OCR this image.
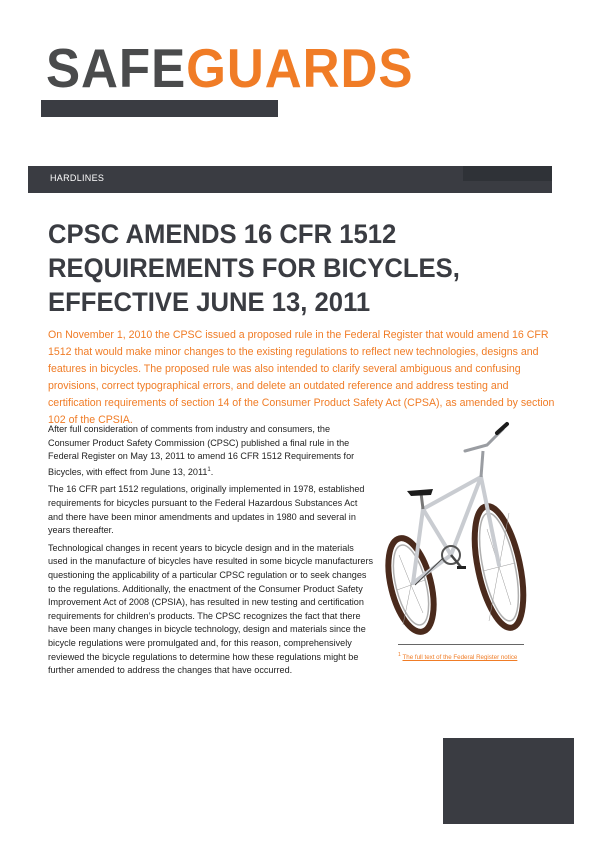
SAFEGUARDS
HARDLINES
CPSC AMENDS 16 CFR 1512 REQUIREMENTS FOR BICYCLES, EFFECTIVE JUNE 13, 2011

On November 1, 2010 the CPSC issued a proposed rule in the Federal Register that would amend 16 CFR 1512 that would make minor changes to the existing regulations to reflect new technologies, designs and features in bicycles. The proposed rule was also intended to clarify several ambiguous and confusing provisions, correct typographical errors, and delete an outdated reference and address testing and certification requirements of section 14 of the Consumer Product Safety Act (CPSA), as amended by section 102 of the CPSIA.

After full consideration of comments from industry and consumers, the Consumer Product Safety Commission (CPSC) published a final rule in the Federal Register on May 13, 2011 to amend 16 CFR 1512 Requirements for Bicycles, with effect from June 13, 2011$^1$.

The 16 CFR part 1512 regulations, originally implemented in 1978, established requirements for bicycles pursuant to the Federal Hazardous Substances Act and there have been minor amendments and updates in 1980 and several in years thereafter.

Technological changes in recent years to bicycle design and in the materials used in the manufacture of bicycles have resulted in some bicycle manufacturers questioning the applicability of a particular CPSC regulation or to seek changes to the regulations. Additionally, the enactment of the Consumer Product Safety Improvement Act of 2008 (CPSIA), has resulted in new testing and certification requirements for children’s products. The CPSC recognizes the fact that there have been many changes in bicycle technology, design and materials since the bicycle regulations were promulgated and, for this reason, comprehensively reviewed the bicycle regulations to determine how these regulations might be further amended to address the changes that have occurred.

$^1$ The full text of the Federal Register notice
